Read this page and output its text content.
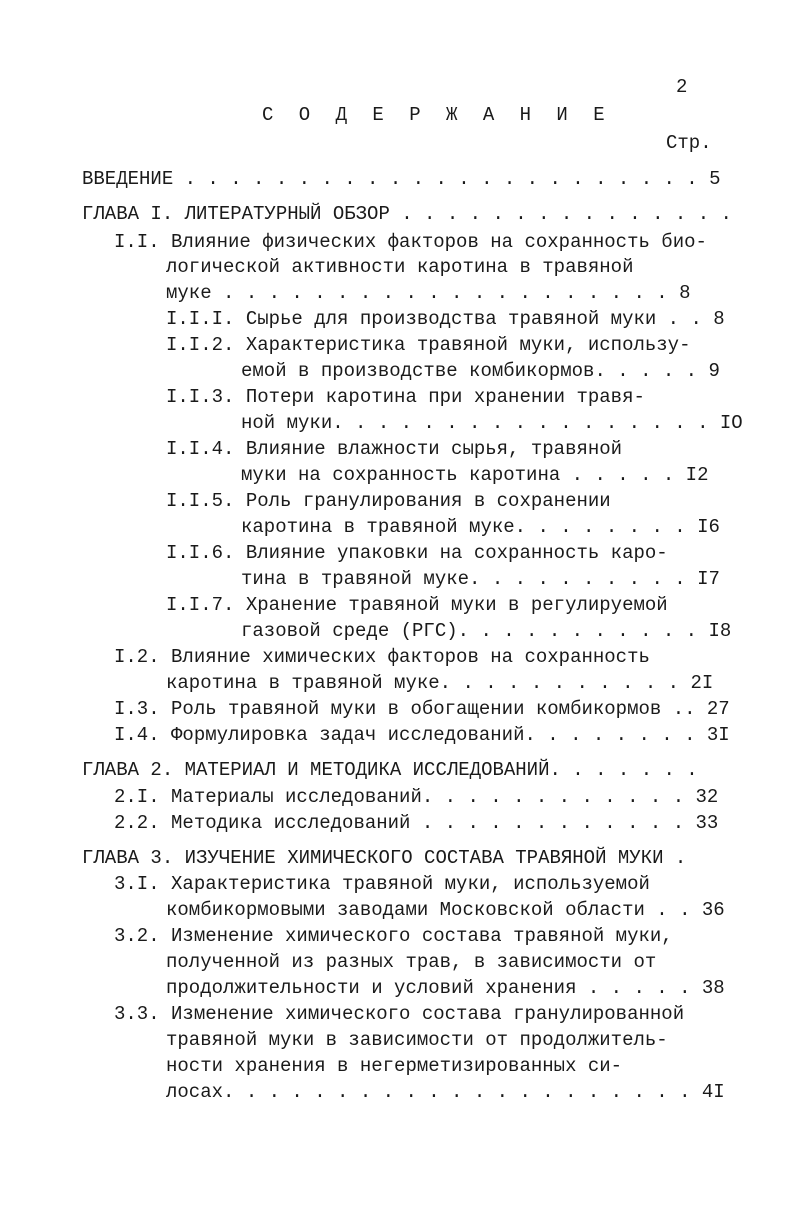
2
С О Д Е Р Ж А Н И Е
Стр.
ВВЕДЕНИЕ . . . . . . . . . . . . . . . . . . . . . . . 5
ГЛАВА I. ЛИТЕРАТУРНЫЙ ОБЗОР . . . . . . . . . . . . . . .
I.I. Влияние физических факторов на сохранность био-
логической активности каротина в травяной
муке . . . . . . . . . . . . . . . . . . . . 8
I.I.I. Сырье для производства травяной муки . . 8
I.I.2. Характеристика травяной муки, использу-
емой в производстве комбикормов. . . . . 9
I.I.3. Потери каротина при хранении травя-
ной муки. . . . . . . . . . . . . . . . . IO
I.I.4. Влияние влажности сырья, травяной
муки на сохранность каротина . . . . . I2
I.I.5. Роль гранулирования в сохранении
каротина в травяной муке. . . . . . . . I6
I.I.6. Влияние упаковки на сохранность каро-
тина в травяной муке. . . . . . . . . . I7
I.I.7. Хранение травяной муки в регулируемой
газовой среде (РГС). . . . . . . . . . . I8
I.2. Влияние химических факторов на сохранность
каротина в травяной муке. . . . . . . . . . . 2I
I.3. Роль травяной муки в обогащении комбикормов .. 27
I.4. Формулировка задач исследований. . . . . . . . 3I
ГЛАВА 2. МАТЕРИАЛ И МЕТОДИКА ИССЛЕДОВАНИЙ. . . . . . .
2.I. Материалы исследований. . . . . . . . . . . . 32
2.2. Методика исследований . . . . . . . . . . . . 33
ГЛАВА 3. ИЗУЧЕНИЕ ХИМИЧЕСКОГО СОСТАВА ТРАВЯНОЙ МУКИ .
3.I. Характеристика травяной муки, используемой
комбикормовыми заводами Московской области . . 36
3.2. Изменение химического состава травяной муки,
полученной из разных трав, в зависимости от
продолжительности и условий хранения . . . . . 38
3.3. Изменение химического состава гранулированной
травяной муки в зависимости от продолжитель-
ности хранения в негерметизированных си-
лосах. . . . . . . . . . . . . . . . . . . . . 4I
